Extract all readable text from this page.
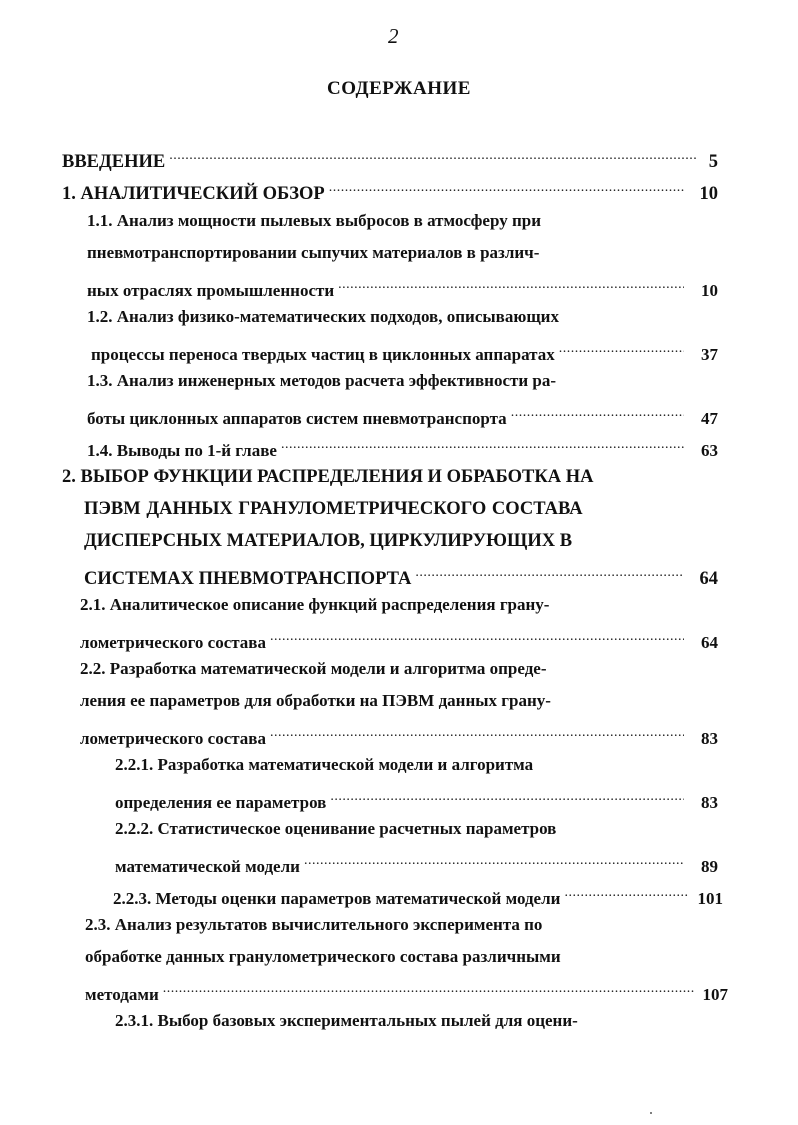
2
СОДЕРЖАНИЕ
ВВЕДЕНИЕ .....	5
1. АНАЛИТИЧЕСКИЙ ОБЗОР .....	10
1.1. Анализ мощности пылевых выбросов в атмосферу при
пневмотранспортировании сыпучих материалов в различ-
ных отраслях промышленности .....	10
1.2. Анализ физико-математических подходов, описывающих
процессы переноса твердых частиц в циклонных аппаратах .....	37
1.3. Анализ инженерных методов расчета эффективности ра-
боты циклонных аппаратов систем пневмотранспорта .....	47
1.4. Выводы по 1-й главе .....	63
2. ВЫБОР ФУНКЦИИ РАСПРЕДЕЛЕНИЯ И ОБРАБОТКА НА
ПЭВМ ДАННЫХ ГРАНУЛОМЕТРИЧЕСКОГО СОСТАВА
ДИСПЕРСНЫХ МАТЕРИАЛОВ, ЦИРКУЛИРУЮЩИХ В
СИСТЕМАХ ПНЕВМОТРАНСПОРТА .....	64
2.1. Аналитическое описание функций распределения грану-
лометрического состава .....	64
2.2. Разработка математической модели и алгоритма опреде-
ления ее параметров для обработки на ПЭВМ данных грану-
лометрического состава .....	83
2.2.1. Разработка математической модели и алгоритма
определения ее параметров .....	83
2.2.2. Статистическое оценивание расчетных параметров
математической модели .....	89
2.2.3. Методы оценки параметров математической модели .....	101
2.3. Анализ результатов вычислительного эксперимента по
обработке данных гранулометрического состава различными
методами .....	107
2.3.1. Выбор базовых экспериментальных пылей для оцени-
